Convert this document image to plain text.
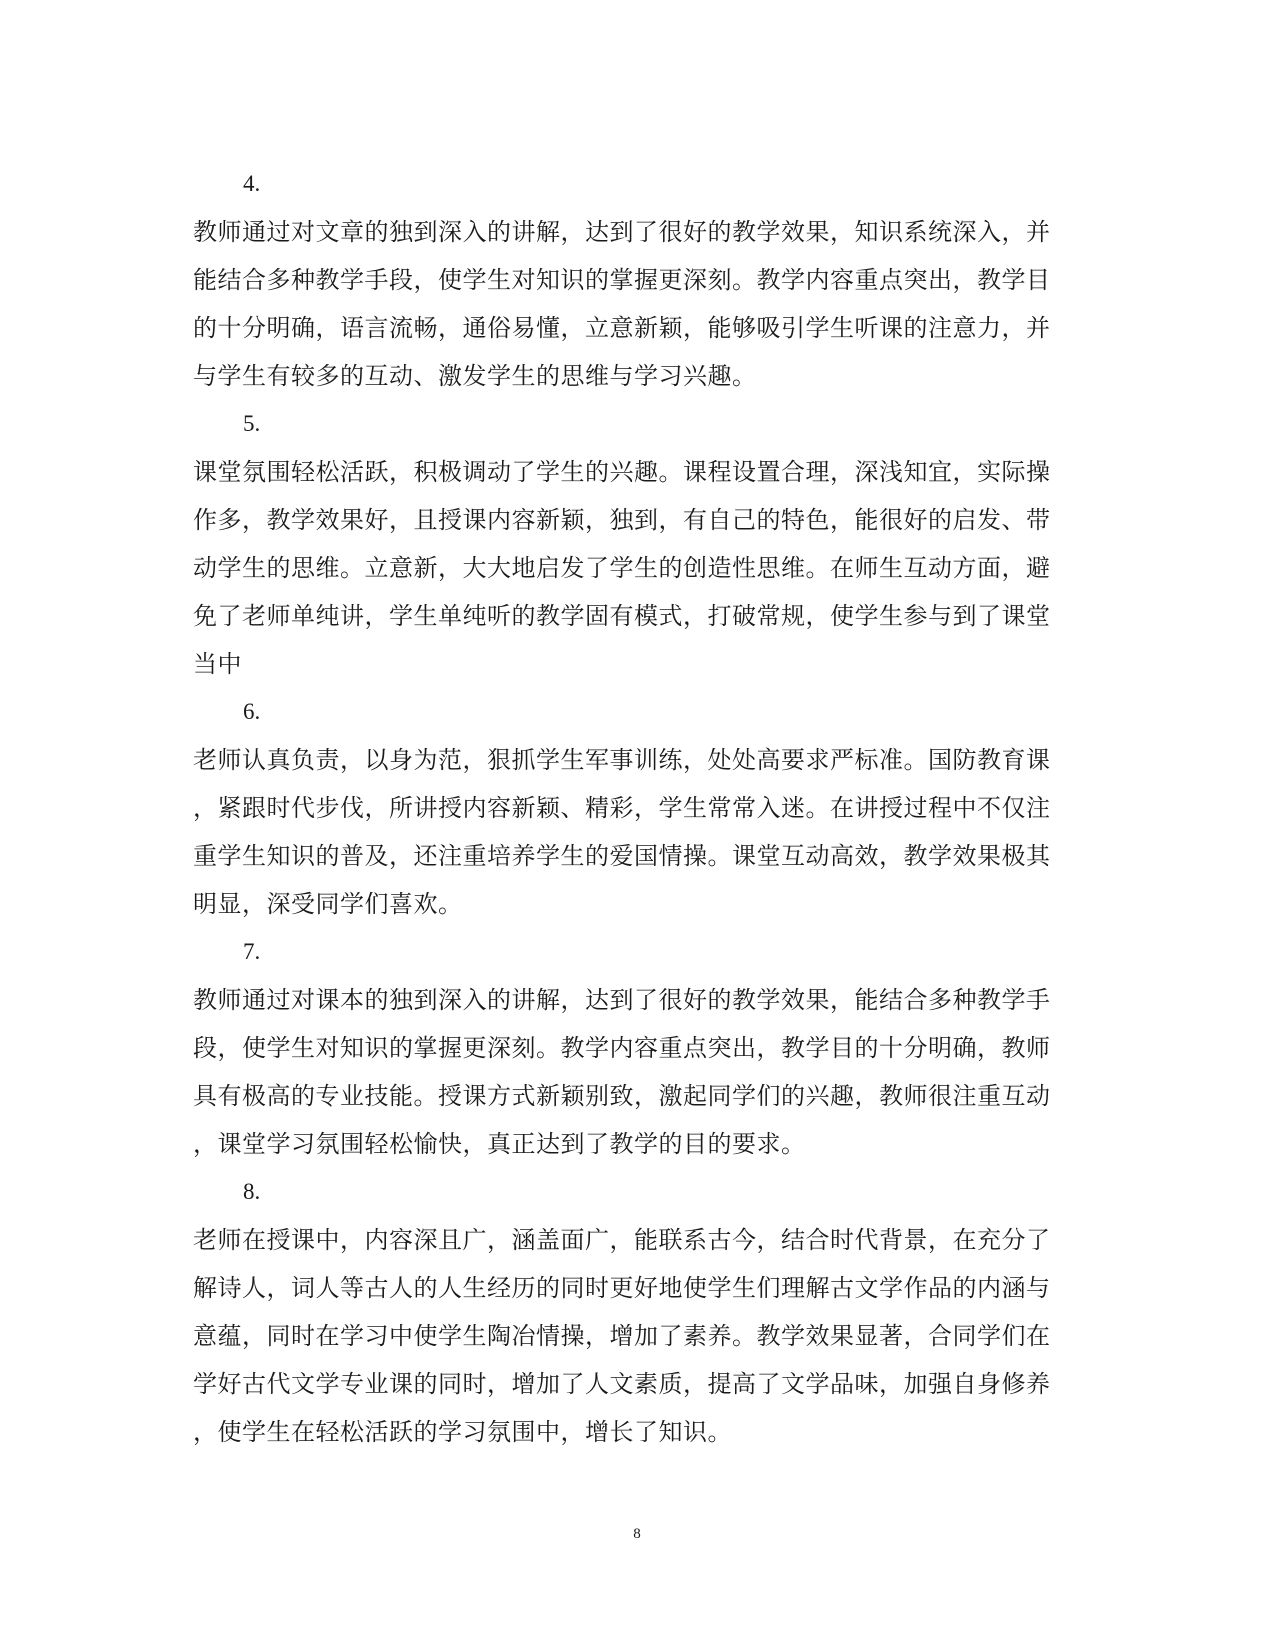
4.
教师通过对文章的独到深入的讲解，达到了很好的教学效果，知识系统深入，并
能结合多种教学手段，使学生对知识的掌握更深刻。教学内容重点突出，教学目
的十分明确，语言流畅，通俗易懂，立意新颖，能够吸引学生听课的注意力，并
与学生有较多的互动、激发学生的思维与学习兴趣。
5.
课堂氛围轻松活跃，积极调动了学生的兴趣。课程设置合理，深浅知宜，实际操
作多，教学效果好，且授课内容新颖，独到，有自己的特色，能很好的启发、带
动学生的思维。立意新，大大地启发了学生的创造性思维。在师生互动方面，避
免了老师单纯讲，学生单纯听的教学固有模式，打破常规，使学生参与到了课堂
当中
6.
老师认真负责，以身为范，狠抓学生军事训练，处处高要求严标准。国防教育课
，紧跟时代步伐，所讲授内容新颖、精彩，学生常常入迷。在讲授过程中不仅注
重学生知识的普及，还注重培养学生的爱国情操。课堂互动高效，教学效果极其
明显，深受同学们喜欢。
7.
教师通过对课本的独到深入的讲解，达到了很好的教学效果，能结合多种教学手
段，使学生对知识的掌握更深刻。教学内容重点突出，教学目的十分明确，教师
具有极高的专业技能。授课方式新颖别致，激起同学们的兴趣，教师很注重互动
，课堂学习氛围轻松愉快，真正达到了教学的目的要求。
8.
老师在授课中，内容深且广，涵盖面广，能联系古今，结合时代背景，在充分了
解诗人，词人等古人的人生经历的同时更好地使学生们理解古文学作品的内涵与
意蕴，同时在学习中使学生陶冶情操，增加了素养。教学效果显著，合同学们在
学好古代文学专业课的同时，增加了人文素质，提高了文学品味，加强自身修养
，使学生在轻松活跃的学习氛围中，增长了知识。
8
